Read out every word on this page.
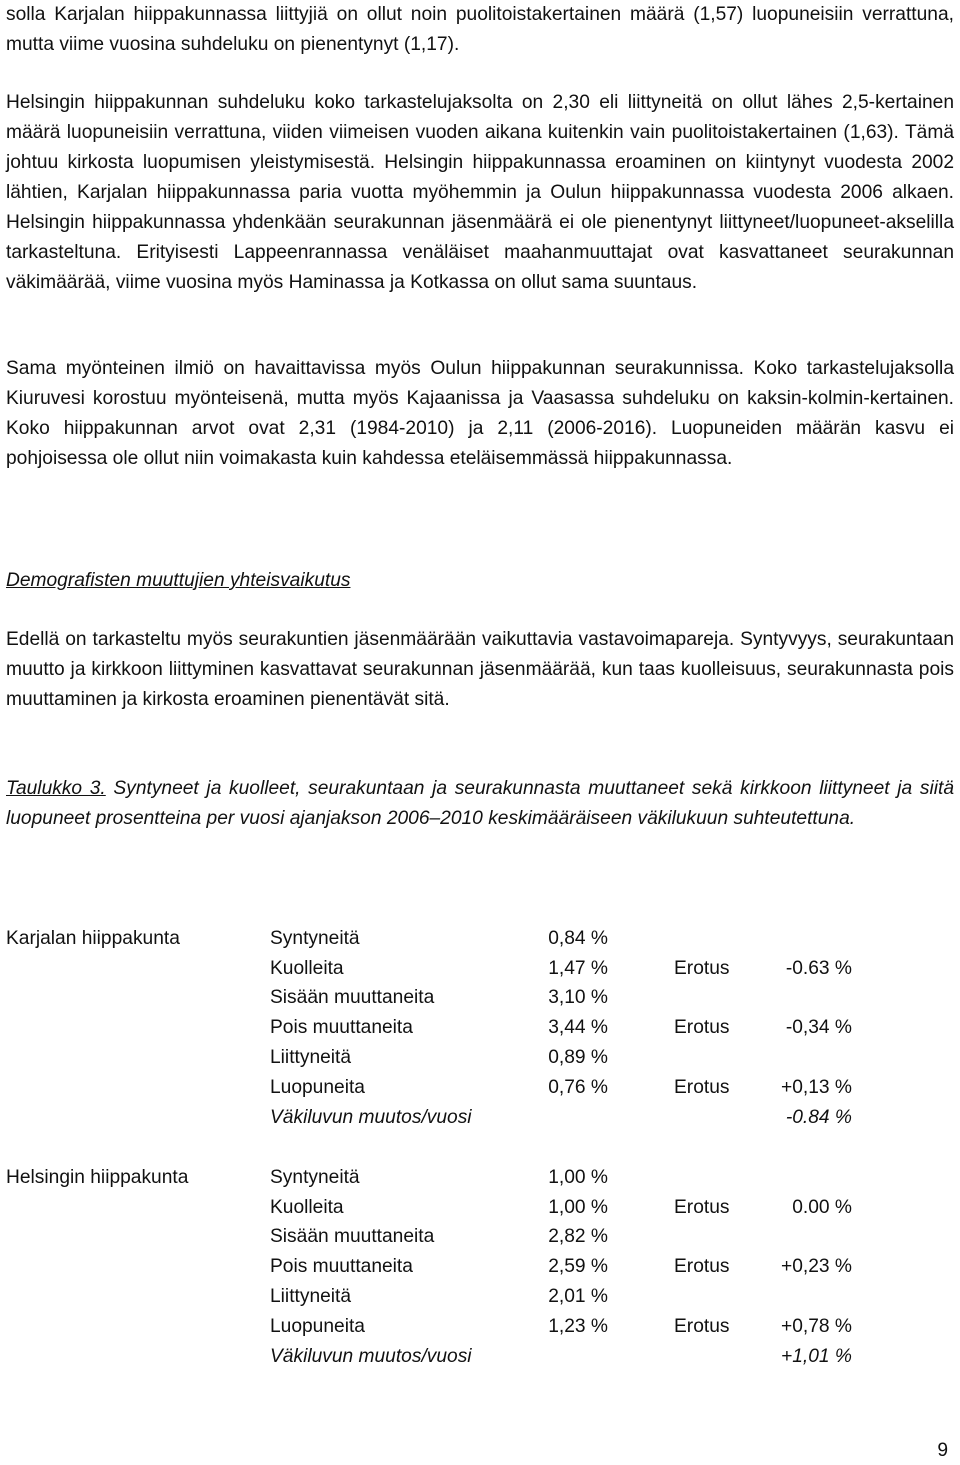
solla Karjalan hiippakunnassa liittyjiä on ollut noin puolitoistakertainen määrä (1,57) luopuneisiin verrattuna, mutta viime vuosina suhdeluku on pienentynyt (1,17).

Helsingin hiippakunnan suhdeluku koko tarkastelujaksolta on 2,30 eli liittyneitä on ollut lähes 2,5-kertainen määrä luopuneisiin verrattuna, viiden viimeisen vuoden aikana kuitenkin vain puolitoistakertainen (1,63). Tämä johtuu kirkosta luopumisen yleistymisestä. Helsingin hiippakunnassa eroaminen on kiintynyt vuodesta 2002 lähtien, Karjalan hiippakunnassa paria vuotta myöhemmin ja Oulun hiippakunnassa vuodesta 2006 alkaen. Helsingin hiippakunnassa yhdenkään seurakunnan jäsenmäärä ei ole pienentynyt liittyneet/luopuneet-akselilla tarkasteltuna. Erityisesti Lappeenrannassa venäläiset maahanmuuttajat ovat kasvattaneet seurakunnan väkimäärää, viime vuosina myös Haminassa ja Kotkassa on ollut sama suuntaus.

Sama myönteinen ilmiö on havaittavissa myös Oulun hiippakunnan seurakunnissa. Koko tarkastelujaksolla Kiuruvesi korostuu myönteisenä, mutta myös Kajaanissa ja Vaasassa suhdeluku on kaksin-kolmin-kertainen. Koko hiippakunnan arvot ovat 2,31 (1984-2010) ja 2,11 (2006-2016). Luopuneiden määrän kasvu ei pohjoisessa ole ollut niin voimakasta kuin kahdessa eteläisemmässä hiippakunnassa.

Demografisten muuttujien yhteisvaikutus

Edellä on tarkasteltu myös seurakuntien jäsenmäärään vaikuttavia vastavoimapareja. Syntyvyys, seurakuntaan muutto ja kirkkoon liittyminen kasvattavat seurakunnan jäsenmäärää, kun taas kuolleisuus, seurakunnasta pois muuttaminen ja kirkosta eroaminen pienentävät sitä.

Taulukko 3. Syntyneet ja kuolleet, seurakuntaan ja seurakunnasta muuttaneet sekä kirkkoon liittyneet ja siitä luopuneet prosentteina per vuosi ajanjakson 2006–2010 keskimääräiseen väkilukuun suhteutettuna.
Karjalan hiippakunta	Syntyneitä	0,84 %			
	Kuolleita	1,47 %		Erotus	-0.63 %
	Sisään muuttaneita	3,10 %			
	Pois muuttaneita	3,44 %		Erotus	-0,34 %
	Liittyneitä	0,89 %			
	Luopuneita	0,76 %		Erotus	+0,13 %
	Väkiluvun muutos/vuosi				-0.84 %
Helsingin hiippakunta	Syntyneitä	1,00 %			
	Kuolleita	1,00 %		Erotus	0.00 %
	Sisään muuttaneita	2,82 %			
	Pois muuttaneita	2,59 %		Erotus	+0,23 %
	Liittyneitä	2,01 %			
	Luopuneita	1,23 %		Erotus	+0,78 %
	Väkiluvun muutos/vuosi				+1,01 %
9
